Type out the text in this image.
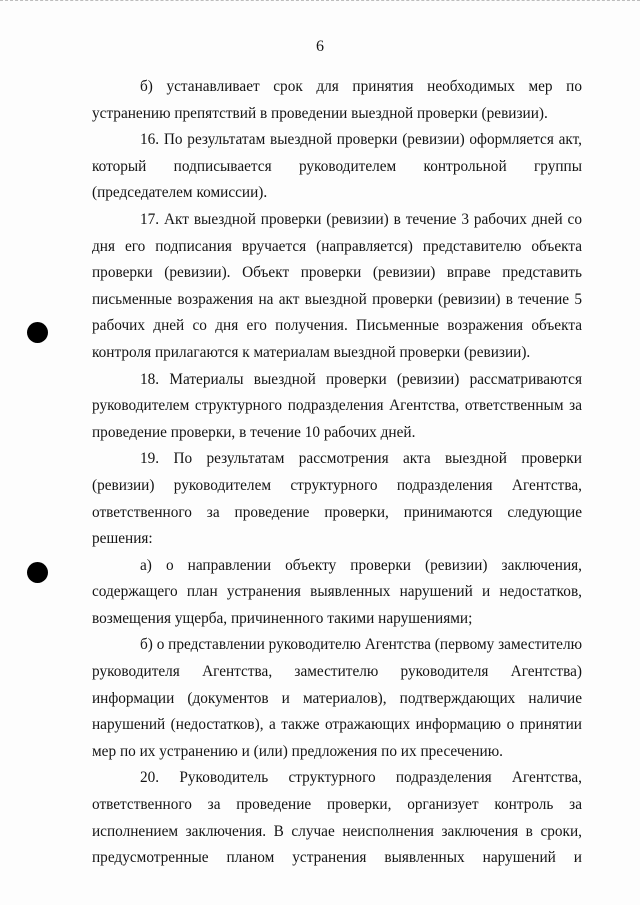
6

б) устанавливает срок для принятия необходимых мер по устранению препятствий в проведении выездной проверки (ревизии).

16. По результатам выездной проверки (ревизии) оформляется акт, который подписывается руководителем контрольной группы (председателем комиссии).

17. Акт выездной проверки (ревизии) в течение 3 рабочих дней со дня его подписания вручается (направляется) представителю объекта проверки (ревизии). Объект проверки (ревизии) вправе представить письменные возражения на акт выездной проверки (ревизии) в течение 5 рабочих дней со дня его получения. Письменные возражения объекта контроля прилагаются к материалам выездной проверки (ревизии).

18. Материалы выездной проверки (ревизии) рассматриваются руководителем структурного подразделения Агентства, ответственным за проведение проверки, в течение 10 рабочих дней.

19. По результатам рассмотрения акта выездной проверки (ревизии) руководителем структурного подразделения Агентства, ответственного за проведение проверки, принимаются следующие решения:

а) о направлении объекту проверки (ревизии) заключения, содержащего план устранения выявленных нарушений и недостатков, возмещения ущерба, причиненного такими нарушениями;

б) о представлении руководителю Агентства (первому заместителю руководителя Агентства, заместителю руководителя Агентства) информации (документов и материалов), подтверждающих наличие нарушений (недостатков), а также отражающих информацию о принятии мер по их устранению и (или) предложения по их пресечению.

20. Руководитель структурного подразделения Агентства, ответственного за проведение проверки, организует контроль за исполнением заключения. В случае неисполнения заключения в сроки, предусмотренные планом устранения выявленных нарушений и
